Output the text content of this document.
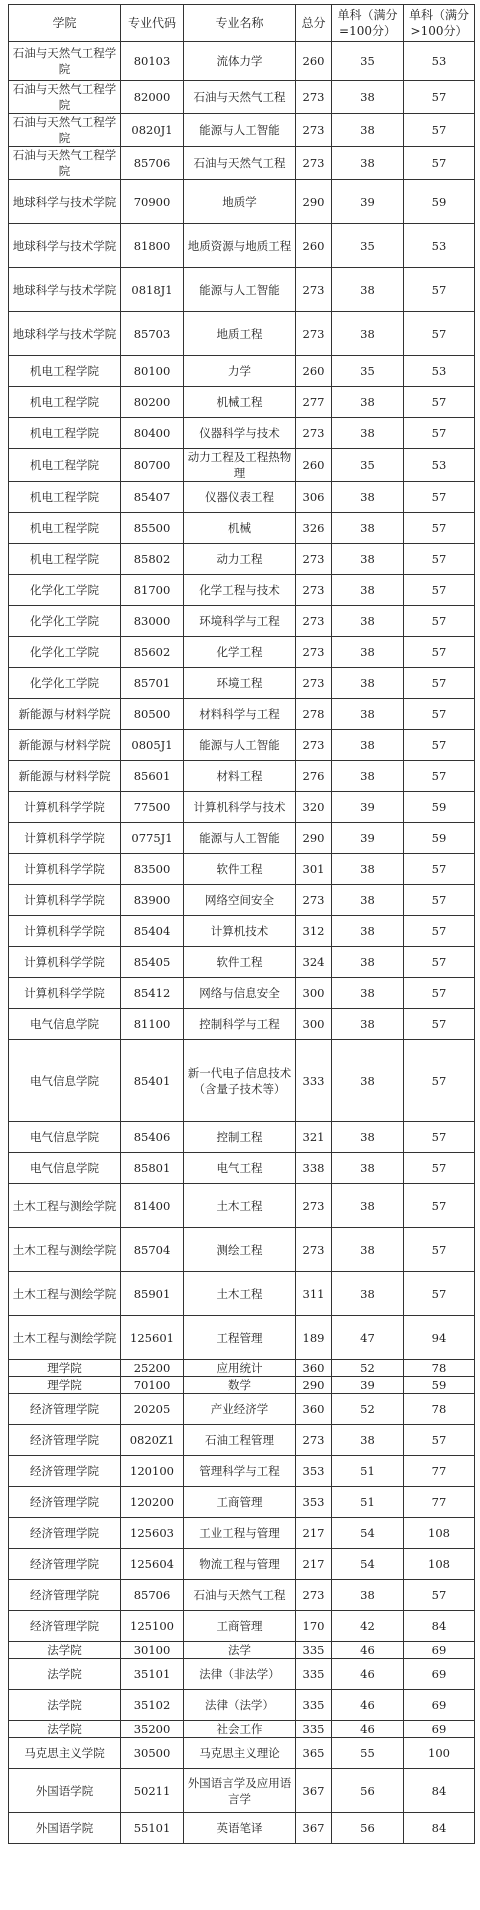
学院	专业代码	专业名称	总分	单科（满分=100分）	单科（满分>100分）
石油与天然气工程学院	80103	流体力学	260	35	53
石油与天然气工程学院	82000	石油与天然气工程	273	38	57
石油与天然气工程学院	0820J1	能源与人工智能	273	38	57
石油与天然气工程学院	85706	石油与天然气工程	273	38	57
地球科学与技术学院	70900	地质学	290	39	59
地球科学与技术学院	81800	地质资源与地质工程	260	35	53
地球科学与技术学院	0818J1	能源与人工智能	273	38	57
地球科学与技术学院	85703	地质工程	273	38	57
机电工程学院	80100	力学	260	35	53
机电工程学院	80200	机械工程	277	38	57
机电工程学院	80400	仪器科学与技术	273	38	57
机电工程学院	80700	动力工程及工程热物理	260	35	53
机电工程学院	85407	仪器仪表工程	306	38	57
机电工程学院	85500	机械	326	38	57
机电工程学院	85802	动力工程	273	38	57
化学化工学院	81700	化学工程与技术	273	38	57
化学化工学院	83000	环境科学与工程	273	38	57
化学化工学院	85602	化学工程	273	38	57
化学化工学院	85701	环境工程	273	38	57
新能源与材料学院	80500	材料科学与工程	278	38	57
新能源与材料学院	0805J1	能源与人工智能	273	38	57
新能源与材料学院	85601	材料工程	276	38	57
计算机科学学院	77500	计算机科学与技术	320	39	59
计算机科学学院	0775J1	能源与人工智能	290	39	59
计算机科学学院	83500	软件工程	301	38	57
计算机科学学院	83900	网络空间安全	273	38	57
计算机科学学院	85404	计算机技术	312	38	57
计算机科学学院	85405	软件工程	324	38	57
计算机科学学院	85412	网络与信息安全	300	38	57
电气信息学院	81100	控制科学与工程	300	38	57
电气信息学院	85401	新一代电子信息技术（含量子技术等）	333	38	57
电气信息学院	85406	控制工程	321	38	57
电气信息学院	85801	电气工程	338	38	57
土木工程与测绘学院	81400	土木工程	273	38	57
土木工程与测绘学院	85704	测绘工程	273	38	57
土木工程与测绘学院	85901	土木工程	311	38	57
土木工程与测绘学院	125601	工程管理	189	47	94
理学院	25200	应用统计	360	52	78
理学院	70100	数学	290	39	59
经济管理学院	20205	产业经济学	360	52	78
经济管理学院	0820Z1	石油工程管理	273	38	57
经济管理学院	120100	管理科学与工程	353	51	77
经济管理学院	120200	工商管理	353	51	77
经济管理学院	125603	工业工程与管理	217	54	108
经济管理学院	125604	物流工程与管理	217	54	108
经济管理学院	85706	石油与天然气工程	273	38	57
经济管理学院	125100	工商管理	170	42	84
法学院	30100	法学	335	46	69
法学院	35101	法律（非法学）	335	46	69
法学院	35102	法律（法学）	335	46	69
法学院	35200	社会工作	335	46	69
马克思主义学院	30500	马克思主义理论	365	55	100
外国语学院	50211	外国语言学及应用语言学	367	56	84
外国语学院	55101	英语笔译	367	56	84
